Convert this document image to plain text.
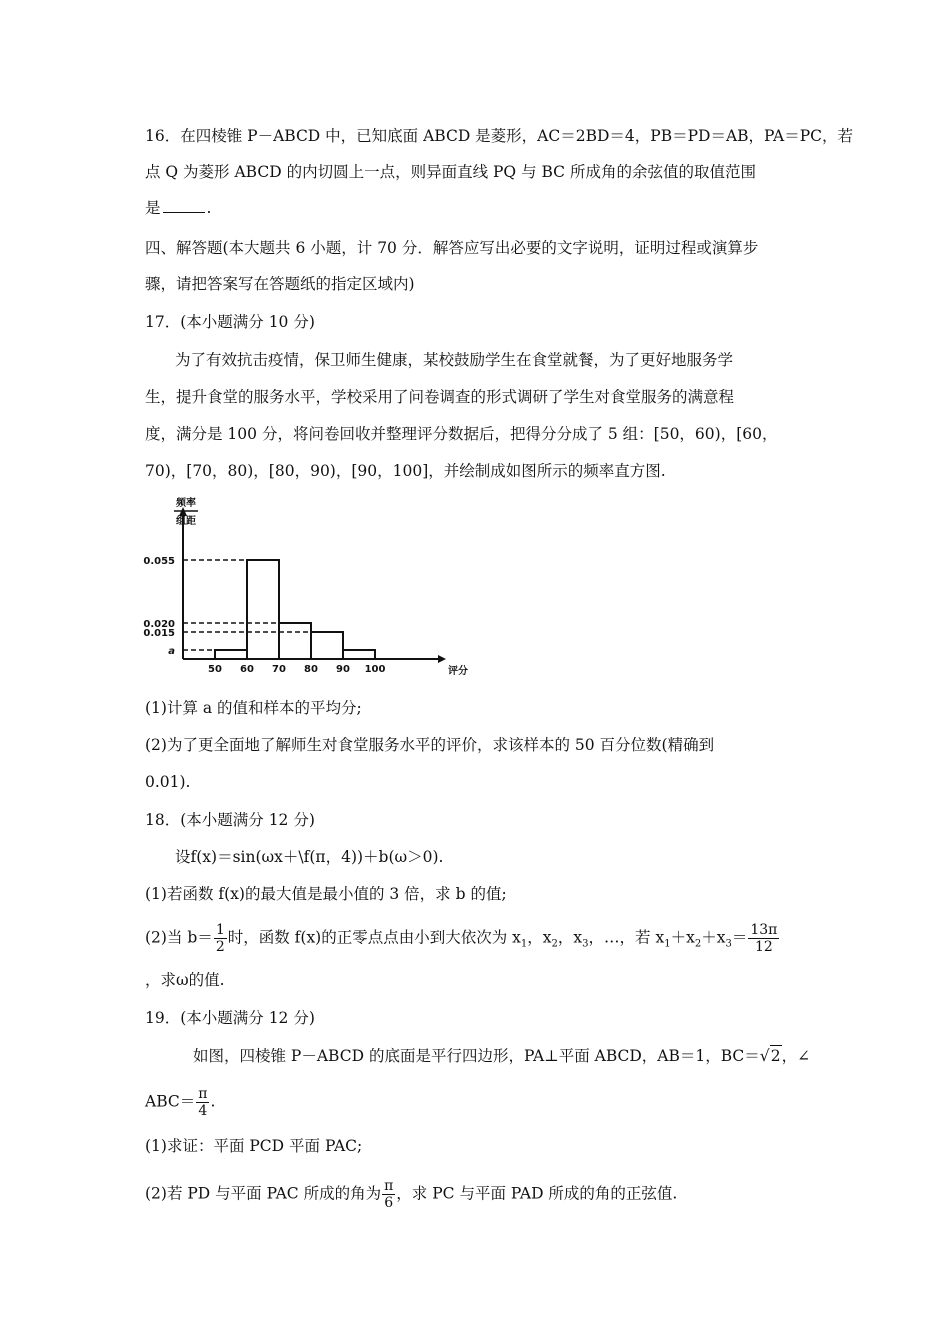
16．在四棱锥 P－ABCD 中，已知底面 ABCD 是菱形，AC＝2BD＝4，PB＝PD＝AB，PA＝PC，若
点 Q 为菱形 ABCD 的内切圆上一点，则异面直线 PQ 与 BC 所成角的余弦值的取值范围
是	.
四、解答题(本大题共 6 小题，计 70 分．解答应写出必要的文字说明，证明过程或演算步
骤，请把答案写在答题纸的指定区域内)
17．(本小题满分 10 分)
为了有效抗击疫情，保卫师生健康，某校鼓励学生在食堂就餐，为了更好地服务学
生，提升食堂的服务水平，学校采用了问卷调查的形式调研了学生对食堂服务的满意程
度，满分是 100 分，将问卷回收并整理评分数据后，把得分分成了 5 组：[50，60)，[60，
70)，[70，80)，[80，90)，[90，100]，并绘制成如图所示的频率直方图.
频率
组距
评分
a
0.015
0.020
0.055
50 60 70 80 90 100
(1)计算 a 的值和样本的平均分;
(2)为了更全面地了解师生对食堂服务水平的评价，求该样本的 50 百分位数(精确到
0.01).
18．(本小题满分 12 分)
设f(x)＝sin(ωx＋\f(π，4))＋b(ω＞0).
(1)若函数 f(x)的最大值是最小值的 3 倍，求 b 的值;
(2)当 $b= \frac{1}{2}$ 时，函数 f(x)的正零点点由小到大依次为 $x_1$，$x_2$，$x_3$，…，若 $x_1+x_2+x_3= \frac{13\pi}{12}$
，求ω的值.
19．(本小题满分 12 分)
如图，四棱锥 P－ABCD 的底面是平行四边形，PA⊥平面 ABCD，AB＝1，BC＝√2，∠
$ABC= \frac{\pi}{4}$ .
(1)求证：平面 PCD 平面 PAC;
(2)若 PD 与平面 PAC 所成的角为 $\frac{\pi}{6}$ ，求 PC 与平面 PAD 所成的角的正弦值.
